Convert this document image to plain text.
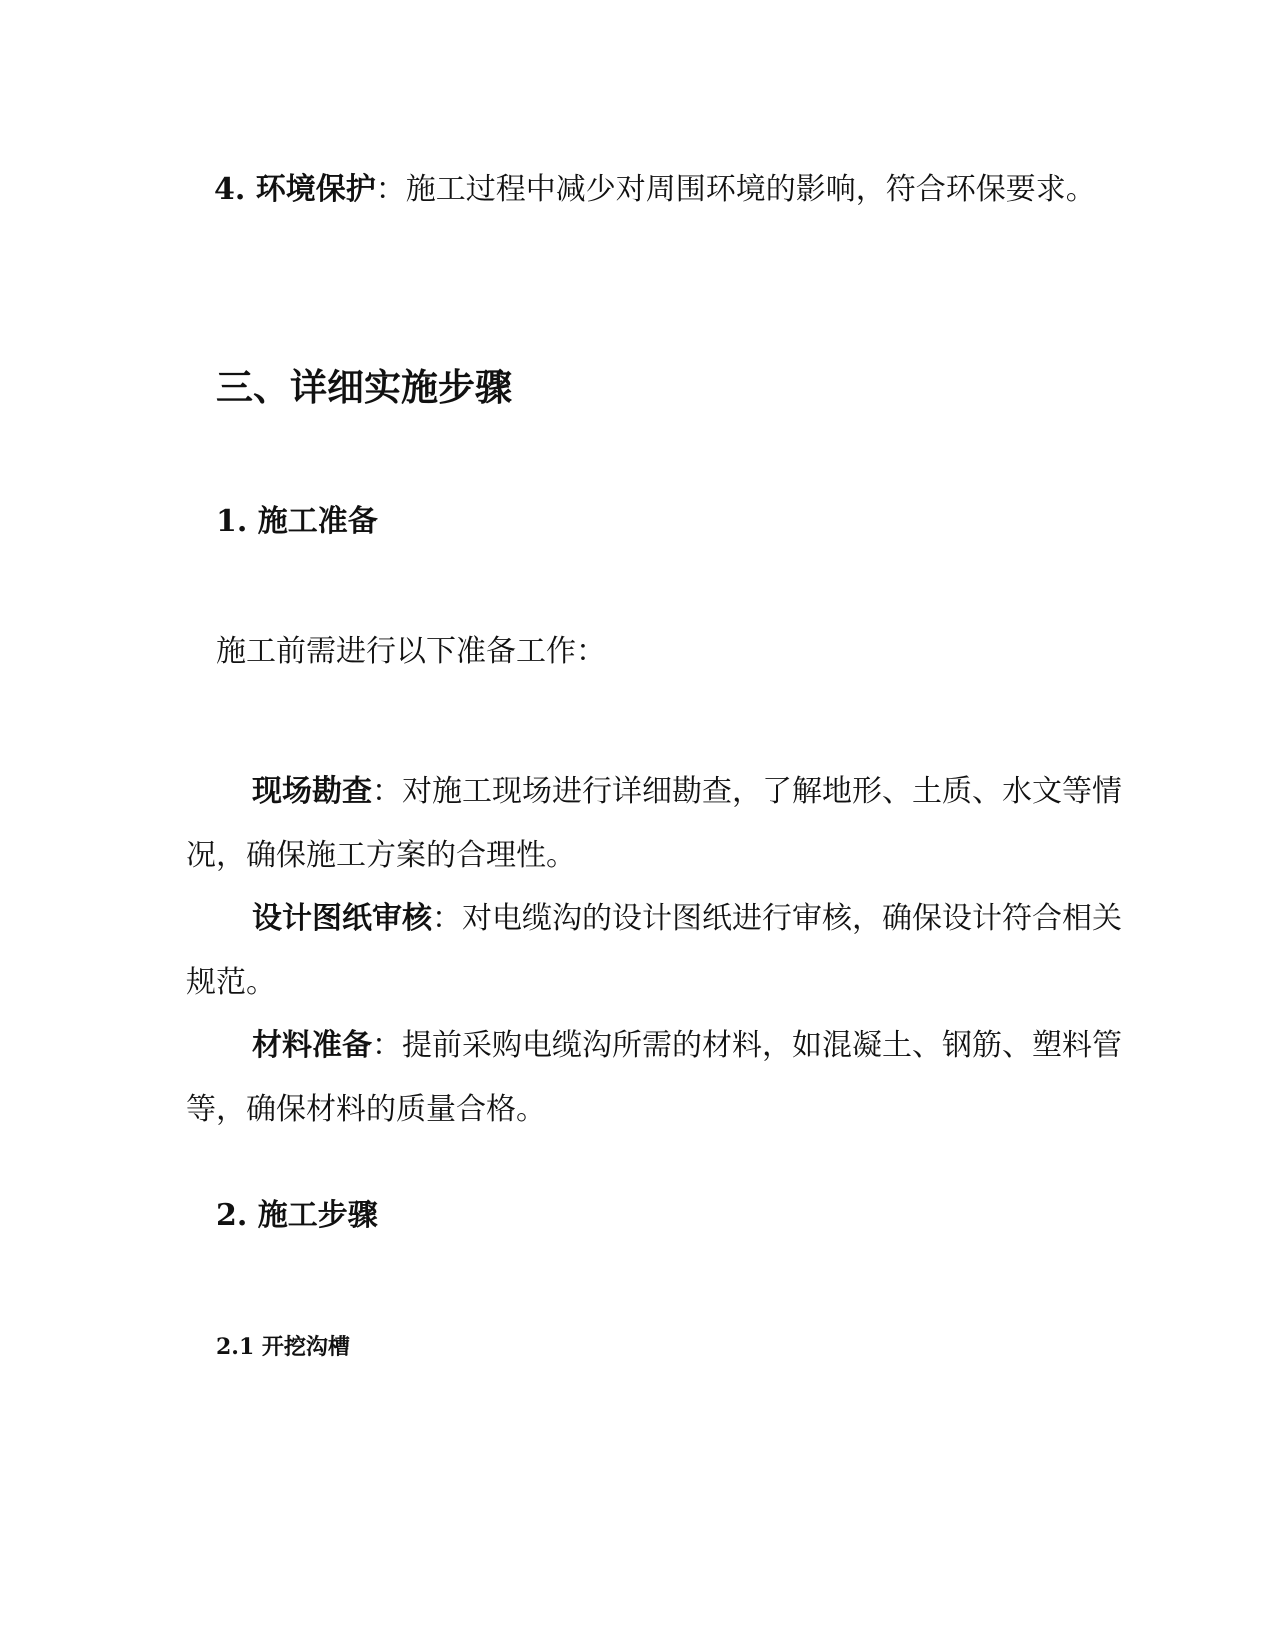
4. 环境保护：施工过程中减少对周围环境的影响，符合环保要求。

三、详细实施步骤
1. 施工准备

施工前需进行以下准备工作：

现场勘查：对施工现场进行详细勘查，了解地形、土质、水文等情况，确保施工方案的合理性。

设计图纸审核：对电缆沟的设计图纸进行审核，确保设计符合相关规范。

材料准备：提前采购电缆沟所需的材料，如混凝土、钢筋、塑料管等，确保材料的质量合格。

2. 施工步骤
2.1 开挖沟槽
